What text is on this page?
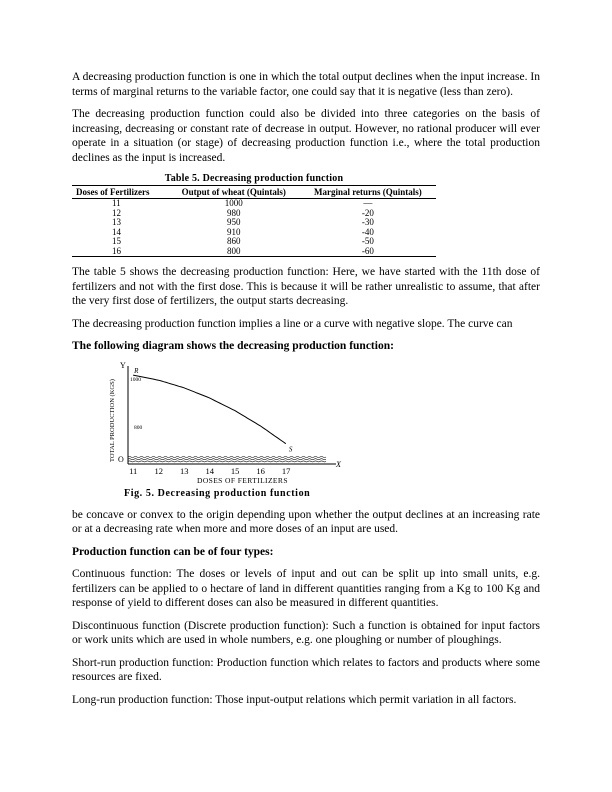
A decreasing production function is one in which the total output declines when the input increase. In terms of marginal returns to the variable factor, one could say that it is negative (less than zero).

The decreasing production function could also be divided into three categories on the basis of increasing, decreasing or constant rate of decrease in output. However, no rational producer will ever operate in a situation (or stage) of decreasing production function i.e., where the total production declines as the input is increased.

Table 5. Decreasing production function
Doses of Fertilizers	Output of wheat (Quintals)	Marginal returns (Quintals)
11	1000	—
12	980	-20
13	950	-30
14	910	-40
15	860	-50
16	800	-60

The table 5 shows the decreasing production function: Here, we have started with the 11th dose of fertilizers and not with the first dose. This is because it will be rather unrealistic to assume, that after the very first dose of fertilizers, the output starts decreasing.

The decreasing production function implies a line or a curve with negative slope. The curve can

The following diagram shows the decreasing production function:

11 12 13 14 15 16 17
1000
800
Y
X
O
R
S
DOSES OF FERTILIZERS
TOTAL PRODUCTION (KGS)
Fig. 5. Decreasing production function

be concave or convex to the origin depending upon whether the output declines at an increasing rate or at a decreasing rate when more and more doses of an input are used.

Production function can be of four types:

Continuous function: The doses or levels of input and out can be split up into small units, e.g. fertilizers can be applied to o hectare of land in different quantities ranging from a Kg to 100 Kg and response of yield to different doses can also be measured in different quantities.

Discontinuous function (Discrete production function): Such a function is obtained for input factors or work units which are used in whole numbers, e.g. one ploughing or number of ploughings.

Short-run production function: Production function which relates to factors and products where some resources are fixed.

Long-run production function: Those input-output relations which permit variation in all factors.
